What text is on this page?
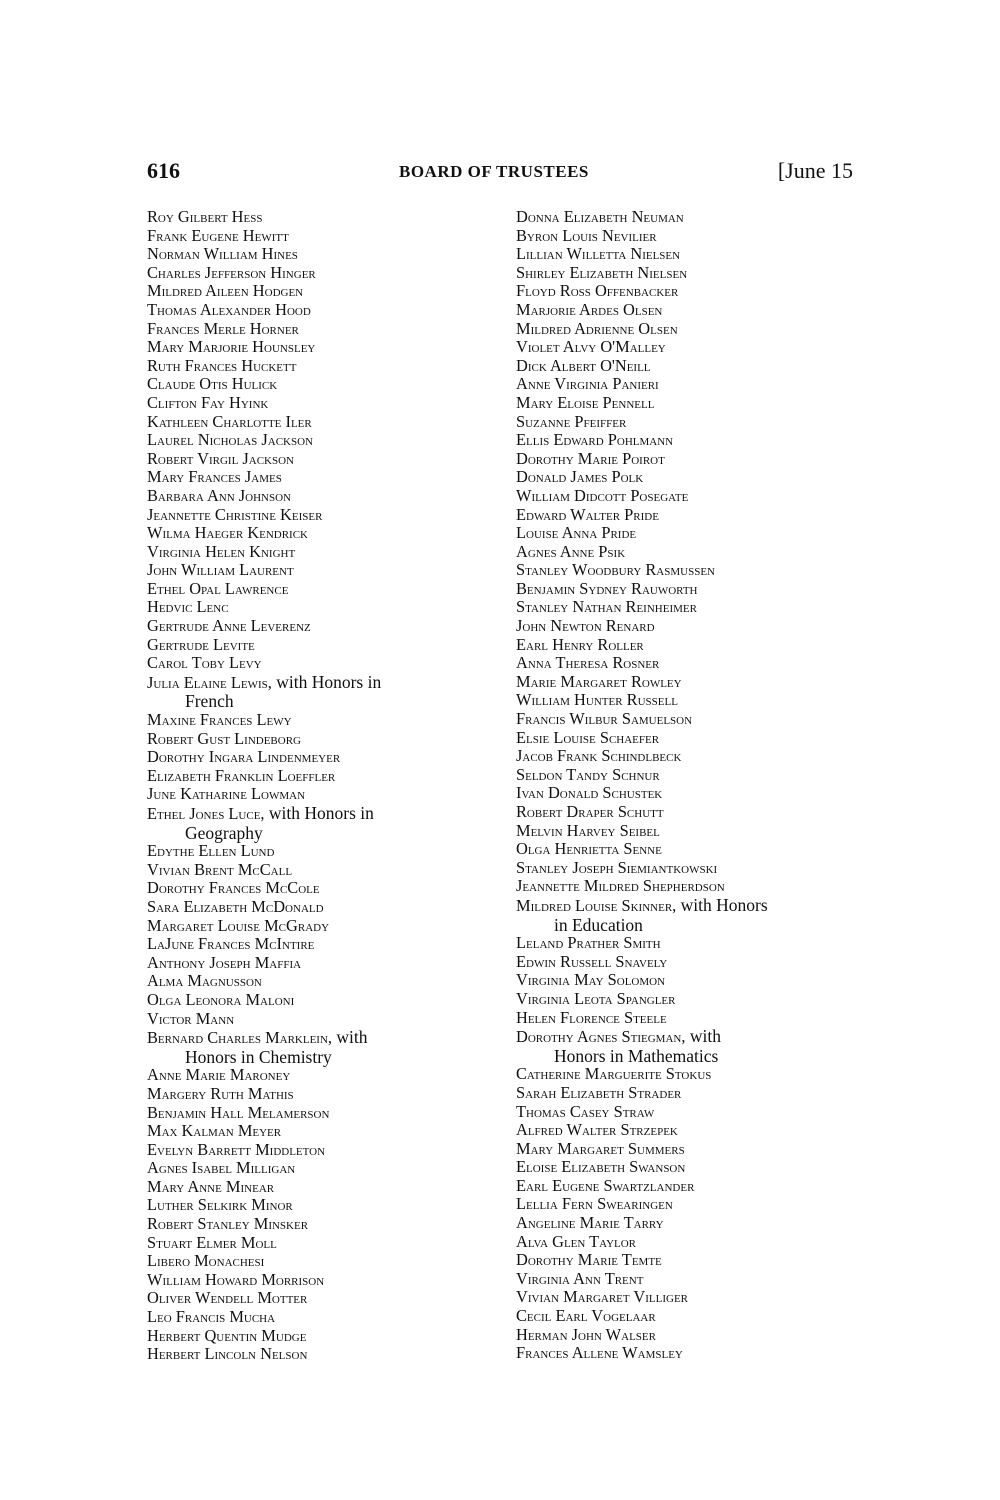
616	BOARD OF TRUSTEES	[June 15
Roy Gilbert Hess
Frank Eugene Hewitt
Norman William Hines
Charles Jefferson Hinger
Mildred Aileen Hodgen
Thomas Alexander Hood
Frances Merle Horner
Mary Marjorie Hounsley
Ruth Frances Huckett
Claude Otis Hulick
Clifton Fay Hyink
Kathleen Charlotte Iler
Laurel Nicholas Jackson
Robert Virgil Jackson
Mary Frances James
Barbara Ann Johnson
Jeannette Christine Keiser
Wilma Haeger Kendrick
Virginia Helen Knight
John William Laurent
Ethel Opal Lawrence
Hedvic Lenc
Gertrude Anne Leverenz
Gertrude Levite
Carol Toby Levy
Julia Elaine Lewis, with Honors in
French
Maxine Frances Lewy
Robert Gust Lindeborg
Dorothy Ingara Lindenmeyer
Elizabeth Franklin Loeffler
June Katharine Lowman
Ethel Jones Luce, with Honors in
Geography
Edythe Ellen Lund
Vivian Brent McCall
Dorothy Frances McCole
Sara Elizabeth McDonald
Margaret Louise McGrady
LaJune Frances McIntire
Anthony Joseph Maffia
Alma Magnusson
Olga Leonora Maloni
Victor Mann
Bernard Charles Marklein, with
Honors in Chemistry
Anne Marie Maroney
Margery Ruth Mathis
Benjamin Hall Melamerson
Max Kalman Meyer
Evelyn Barrett Middleton
Agnes Isabel Milligan
Mary Anne Minear
Luther Selkirk Minor
Robert Stanley Minsker
Stuart Elmer Moll
Libero Monachesi
William Howard Morrison
Oliver Wendell Motter
Leo Francis Mucha
Herbert Quentin Mudge
Herbert Lincoln Nelson
Donna Elizabeth Neuman
Byron Louis Nevilier
Lillian Willetta Nielsen
Shirley Elizabeth Nielsen
Floyd Ross Offenbacker
Marjorie Ardes Olsen
Mildred Adrienne Olsen
Violet Alvy O'Malley
Dick Albert O'Neill
Anne Virginia Panieri
Mary Eloise Pennell
Suzanne Pfeiffer
Ellis Edward Pohlmann
Dorothy Marie Poirot
Donald James Polk
William Didcott Posegate
Edward Walter Pride
Louise Anna Pride
Agnes Anne Psik
Stanley Woodbury Rasmussen
Benjamin Sydney Rauworth
Stanley Nathan Reinheimer
John Newton Renard
Earl Henry Roller
Anna Theresa Rosner
Marie Margaret Rowley
William Hunter Russell
Francis Wilbur Samuelson
Elsie Louise Schaefer
Jacob Frank Schindlbeck
Seldon Tandy Schnur
Ivan Donald Schustek
Robert Draper Schutt
Melvin Harvey Seibel
Olga Henrietta Senne
Stanley Joseph Siemiantkowski
Jeannette Mildred Shepherdson
Mildred Louise Skinner, with Honors
in Education
Leland Prather Smith
Edwin Russell Snavely
Virginia May Solomon
Virginia Leota Spangler
Helen Florence Steele
Dorothy Agnes Stiegman, with
Honors in Mathematics
Catherine Marguerite Stokus
Sarah Elizabeth Strader
Thomas Casey Straw
Alfred Walter Strzepek
Mary Margaret Summers
Eloise Elizabeth Swanson
Earl Eugene Swartzlander
Lellia Fern Swearingen
Angeline Marie Tarry
Alva Glen Taylor
Dorothy Marie Temte
Virginia Ann Trent
Vivian Margaret Villiger
Cecil Earl Vogelaar
Herman John Walser
Frances Allene Wamsley
